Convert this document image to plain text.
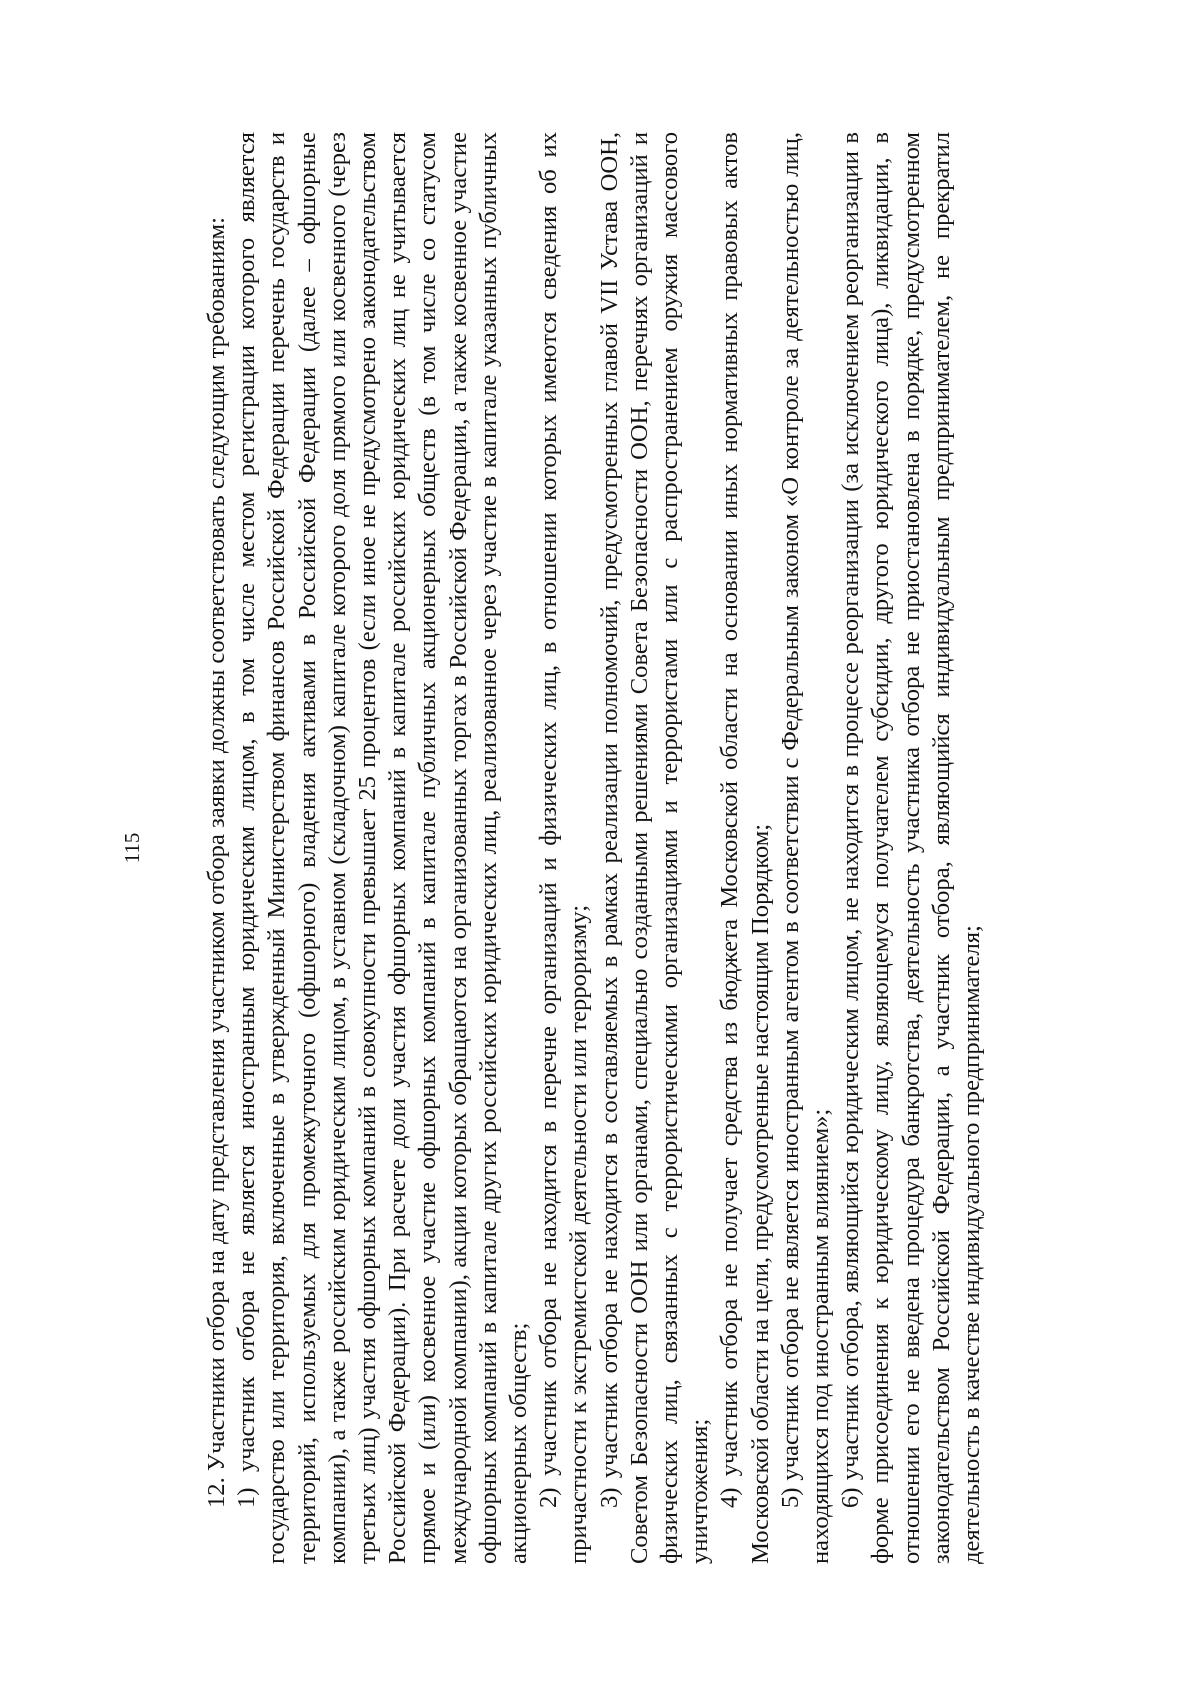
115 12. Участники отбора на дату представления участником отбора заявки должны соответствовать следующим требованиям: 1) участник отбора не является иностранным юридическим лицом, в том числе местом регистрации которого является государство или территория, включенные в утвержденный Министерством финансов Российской Федерации перечень государств и территорий, используемых для промежуточного (офшорного) владения активами в Российской Федерации (далее – офшорные компании), а также российским юридическим лицом, в уставном (складочном) капитале которого доля прямого или косвенного (через третьих лиц) участия офшорных компаний в совокупности превышает 25 процентов (если иное не предусмотрено законодательством Российской Федерации). При расчете доли участия офшорных компаний в капитале российских юридических лиц не учитывается прямое и (или) косвенное участие офшорных компаний в капитале публичных акционерных обществ (в том числе со статусом международной компании), акции которых обращаются на организованных торгах в Российской Федерации, а также косвенное участие офшорных компаний в капитале других российских юридических лиц, реализованное через участие в капитале указанных публичных акционерных обществ; 2) участник отбора не находится в перечне организаций и физических лиц, в отношении которых имеются сведения об их причастности к экстремистской деятельности или терроризму; 3) участник отбора не находится в составляемых в рамках реализации полномочий, предусмотренных главой VII Устава ООН, Советом Безопасности ООН или органами, специально созданными решениями Совета Безопасности ООН, перечнях организаций и физических лиц, связанных с террористическими организациями и террористами или с распространением оружия массового уничтожения; 4) участник отбора не получает средства из бюджета Московской области на основании иных нормативных правовых актов Московской области на цели, предусмотренные настоящим Порядком; 5) участник отбора не является иностранным агентом в соответствии с Федеральным законом «О контроле за деятельностью лиц, находящихся под иностранным влиянием»; 6) участник отбора, являющийся юридическим лицом, не находится в процессе реорганизации (за исключением реорганизации в форме присоединения к юридическому лицу, являющемуся получателем субсидии, другого юридического лица), ликвидации, в отношении его не введена процедура банкротства, деятельность участника отбора не приостановлена в порядке, предусмотренном законодательством Российской Федерации, а участник отбора, являющийся индивидуальным предпринимателем, не прекратил деятельность в качестве индивидуального предпринимателя;
